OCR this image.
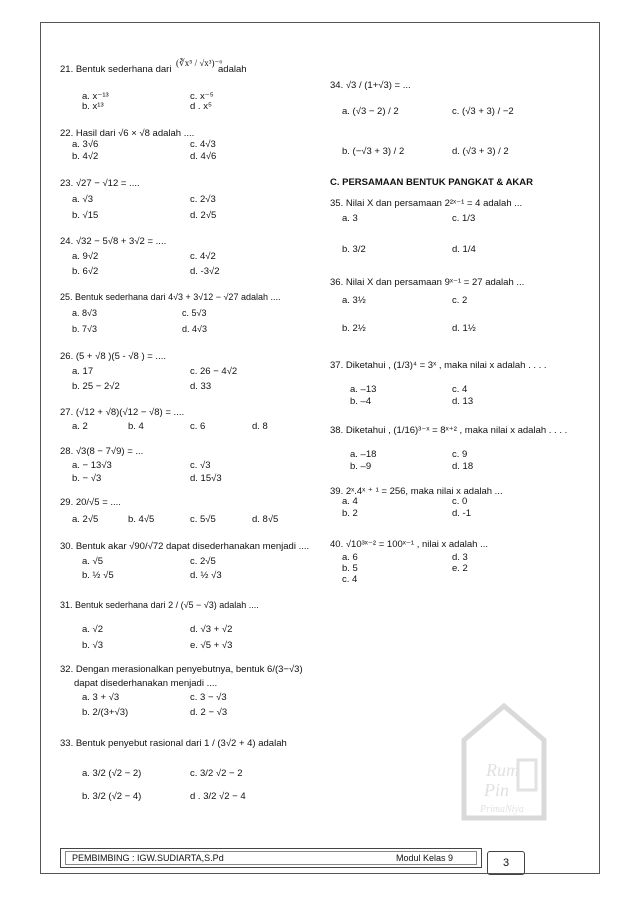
21. Bentuk sederhana dari
(∛x⁵ / √x³)⁻⁶
adalah
a. x⁻¹³
b. x¹³
c. x⁻⁵
d . x⁵
22. Hasil dari √6 × √8 adalah ....
a. 3√6
b. 4√2
c. 4√3
d. 4√6
23. √27 − √12 = ....
a. √3
b. √15
c. 2√3
d. 2√5
24. √32 − 5√8 + 3√2 = ....
a. 9√2
b. 6√2
c. 4√2
d. -3√2
25. Bentuk sederhana dari 4√3 + 3√12 − √27 adalah ....
a. 8√3
b. 7√3
c. 5√3
d. 4√3
26. (5 + √8 )(5 - √8 ) = ....
a. 17
b. 25 − 2√2
c. 26 − 4√2
d. 33
27. (√12 + √8)(√12 − √8) = ....
a. 2	b. 4	c. 6	d. 8
28. √3(8 − 7√9) = ...
a. − 13√3
b. − √3
c. √3
d. 15√3
29. 20/√5 = ....
a. 2√5	b. 4√5	c. 5√5	d. 8√5
30. Bentuk akar √90/√72 dapat disederhanakan menjadi ....
a. √5
b. ½ √5
c. 2√5
d. ½ √3
31. Bentuk sederhana dari 2 / (√5 − √3) adalah ....
a. √2
b. √3
d. √3 + √2
e. √5 + √3
32. Dengan merasionalkan penyebutnya, bentuk 6/(3−√3)
dapat disederhanakan menjadi ....
a. 3 + √3
b. 2/(3+√3)
c. 3 − √3
d. 2 − √3
33. Bentuk penyebut rasional dari 1 / (3√2 + 4) adalah
a. 3/2 (√2 − 2)
b. 3/2 (√2 − 4)
c. 3/2 √2 − 2
d . 3/2 √2 − 4
34. √3 / (1+√3) = ...
a. (√3 − 2) / 2
b. (−√3 + 3) / 2
c. (√3 + 3) / −2
d. (√3 + 3) / 2
C. PERSAMAAN BENTUK PANGKAT & AKAR
35. Nilai X dan persamaan 2²ˣ⁻¹ = 4 adalah ...
a. 3
b. 3/2
c. 1/3
d. 1/4
36. Nilai X dan persamaan 9ˣ⁻¹ = 27 adalah ...
a. 3½
b. 2½
c. 2
d. 1½
37. Diketahui , (1/3)⁴ = 3ˣ , maka nilai x adalah . . . .
a. –13
b. –4
c. 4
d. 13
38. Diketahui , (1/16)³⁻ˣ = 8ˣ⁺² , maka nilai x adalah . . . .
a. –18
b. –9
c. 9
d. 18
39. 2ˣ.4ˣ ⁺ ¹ = 256, maka nilai x adalah ...
a. 4
b. 2
c. 0
d. -1
40. √10³ˣ⁻² = 100ˣ⁻¹ , nilai x adalah ...
a. 6
b. 5
c. 4
d. 3
e. 2
Rum
Pin
PrimaNiya
PEMBIMBING : IGW.SUDIARTA,S.Pd	Modul Kelas 9	3
